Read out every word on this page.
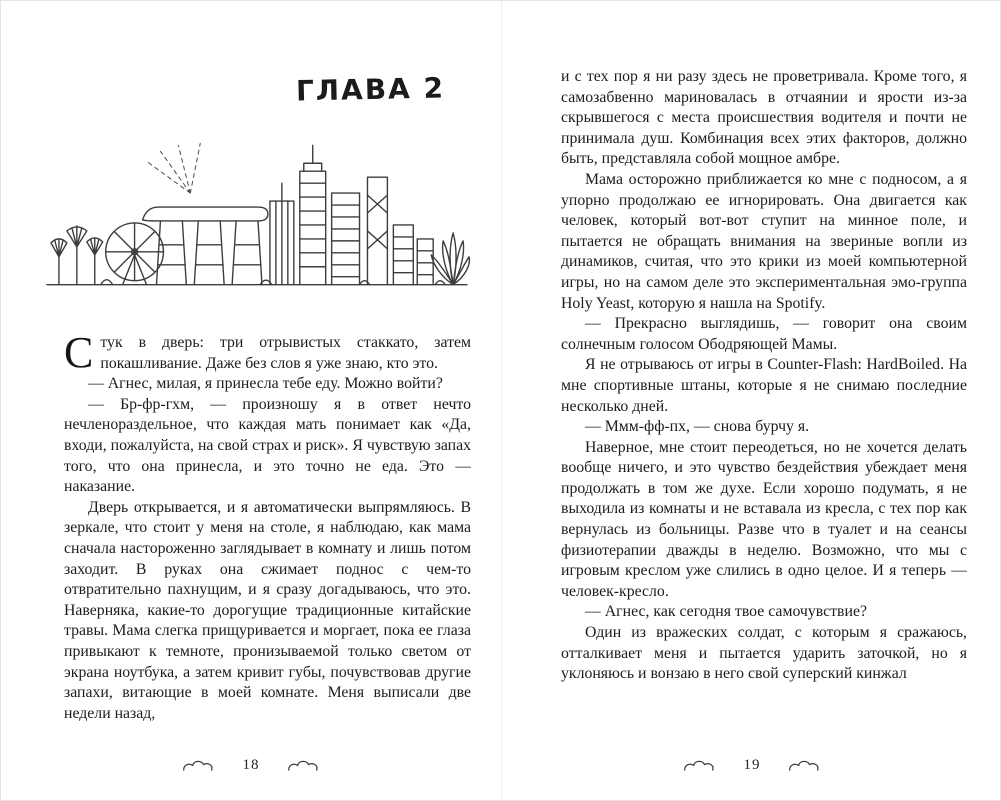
ГЛАВА 2

Стук в дверь: три отрывистых стаккато, затем покашливание. Даже без слов я уже знаю, кто это.

— Агнес, милая, я принесла тебе еду. Можно войти?

— Бр-фр-гхм, — произношу я в ответ нечто нечленораздельное, что каждая мать понимает как «Да, входи, пожалуйста, на свой страх и риск». Я чувствую запах того, что она принесла, и это точно не еда. Это — наказание.

Дверь открывается, и я автоматически выпрямляюсь. В зеркале, что стоит у меня на столе, я наблюдаю, как мама сначала настороженно заглядывает в комнату и лишь потом заходит. В руках она сжимает поднос с чем-то отвратительно пахнущим, и я сразу догадываюсь, что это. Наверняка, какие-то дорогущие традиционные китайские травы. Мама слегка прищуривается и моргает, пока ее глаза привыкают к темноте, пронизываемой только светом от экрана ноутбука, а затем кривит губы, почувствовав другие запахи, витающие в моей комнате. Меня выписали две недели назад,

18

и с тех пор я ни разу здесь не проветривала. Кроме того, я самозабвенно мариновалась в отчаянии и ярости из-за скрывшегося с места происшествия водителя и почти не принимала душ. Комбинация всех этих факторов, должно быть, представляла собой мощное амбре.

Мама осторожно приближается ко мне с подносом, а я упорно продолжаю ее игнорировать. Она двигается как человек, который вот-вот ступит на минное поле, и пытается не обращать внимания на звериные вопли из динамиков, считая, что это крики из моей компьютерной игры, но на самом деле это экспериментальная эмо-группа Holy Yeast, которую я нашла на Spotify.

— Прекрасно выглядишь, — говорит она своим солнечным голосом Ободряющей Мамы.

Я не отрываюсь от игры в Counter-Flash: HardBoiled. На мне спортивные штаны, которые я не снимаю последние несколько дней.

— Ммм-фф-пх, — снова бурчу я.

Наверное, мне стоит переодеться, но не хочется делать вообще ничего, и это чувство бездействия убеждает меня продолжать в том же духе. Если хорошо подумать, я не выходила из комнаты и не вставала из кресла, с тех пор как вернулась из больницы. Разве что в туалет и на сеансы физиотерапии дважды в неделю. Возможно, что мы с игровым креслом уже слились в одно целое. И я теперь — человек-кресло.

— Агнес, как сегодня твое самочувствие?

Один из вражеских солдат, с которым я сражаюсь, отталкивает меня и пытается ударить заточкой, но я уклоняюсь и вонзаю в него свой суперский кинжал

19
